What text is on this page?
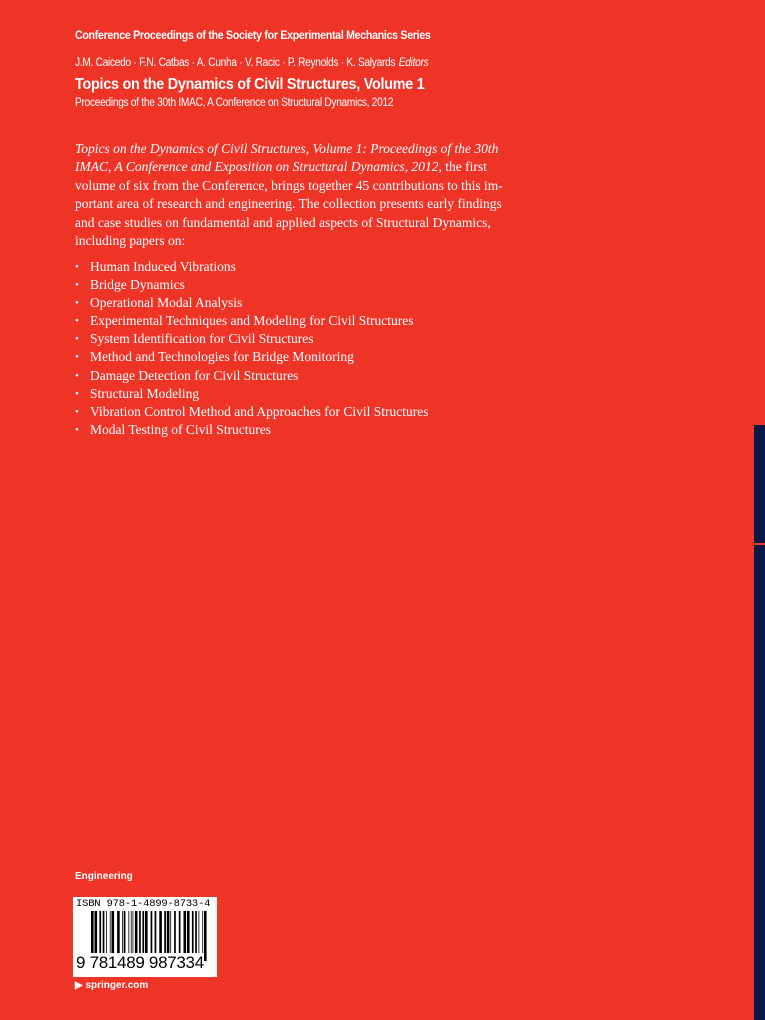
Conference Proceedings of the Society for Experimental Mechanics Series
J.M. Caicedo · F.N. Catbas · A. Cunha · V. Racic · P. Reynolds · K. Salyards Editors
Topics on the Dynamics of Civil Structures, Volume 1
Proceedings of the 30th IMAC, A Conference on Structural Dynamics, 2012
Topics on the Dynamics of Civil Structures, Volume 1: Proceedings of the 30th
IMAC, A Conference and Exposition on Structural Dynamics, 2012, the first
volume of six from the Conference, brings together 45 contributions to this im-
portant area of research and engineering. The collection presents early findings
and case studies on fundamental and applied aspects of Structural Dynamics,
including papers on:
• Human Induced Vibrations
• Bridge Dynamics
• Operational Modal Analysis
• Experimental Techniques and Modeling for Civil Structures
• System Identification for Civil Structures
• Method and Technologies for Bridge Monitoring
• Damage Detection for Civil Structures
• Structural Modeling
• Vibration Control Method and Approaches for Civil Structures
• Modal Testing of Civil Structures
Engineering
ISBN 978-1-4899-8733-4
9 781489 987334
▶ springer.com
